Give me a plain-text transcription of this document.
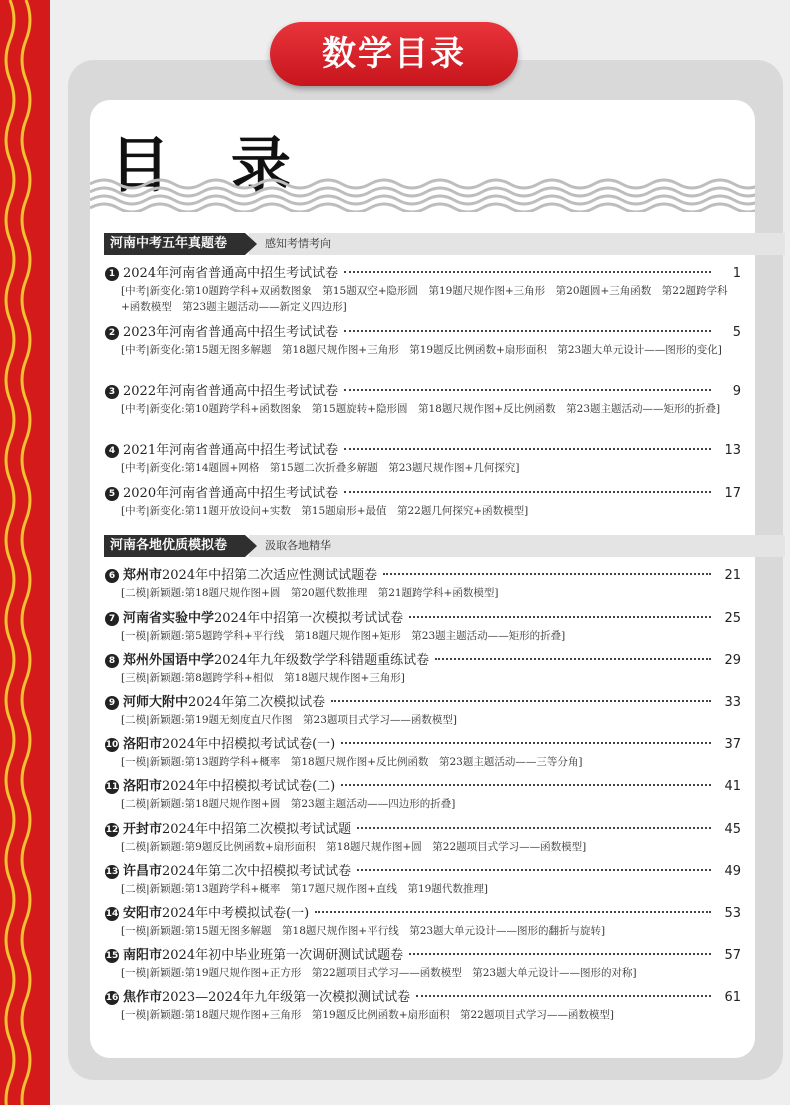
数学目录
目 录
河南中考五年真题卷	感知考情考向
河南各地优质模拟卷	汲取各地精华
1 2024年河南省普通高中招生考试试卷	1
[中考|新变化:第10题跨学科+双函数图象　第15题双空+隐形圆　第19题尺规作图+三角形　第20题圆+三角函数　第22题跨学科+函数模型　第23题主题活动——新定义四边形]
2 2023年河南省普通高中招生考试试卷	5
[中考|新变化:第15题无图多解题　第18题尺规作图+三角形　第19题反比例函数+扇形面积　第23题大单元设计——图形的变化]
3 2022年河南省普通高中招生考试试卷	9
[中考|新变化:第10题跨学科+函数图象　第15题旋转+隐形圆　第18题尺规作图+反比例函数　第23题主题活动——矩形的折叠]
4 2021年河南省普通高中招生考试试卷	13
[中考|新变化:第14题圆+网格　第15题二次折叠多解题　第23题尺规作图+几何探究]
5 2020年河南省普通高中招生考试试卷	17
[中考|新变化:第11题开放设问+实数　第15题扇形+最值　第22题几何探究+函数模型]
6 郑州市2024年中招第二次适应性测试试题卷	21
[二模|新颖题:第18题尺规作图+圆　第20题代数推理　第21题跨学科+函数模型]
7 河南省实验中学2024年中招第一次模拟考试试卷	25
[一模|新颖题:第5题跨学科+平行线　第18题尺规作图+矩形　第23题主题活动——矩形的折叠]
8 郑州外国语中学2024年九年级数学学科错题重练试卷	29
[三模|新颖题:第8题跨学科+相似　第18题尺规作图+三角形]
9 河师大附中2024年第二次模拟试卷	33
[二模|新颖题:第19题无刻度直尺作图　第23题项目式学习——函数模型]
10 洛阳市2024年中招模拟考试试卷(一)	37
[一模|新颖题:第13题跨学科+概率　第18题尺规作图+反比例函数　第23题主题活动——三等分角]
11 洛阳市2024年中招模拟考试试卷(二)	41
[二模|新颖题:第18题尺规作图+圆　第23题主题活动——四边形的折叠]
12 开封市2024年中招第二次模拟考试试题	45
[二模|新颖题:第9题反比例函数+扇形面积　第18题尺规作图+圆　第22题项目式学习——函数模型]
13 许昌市2024年第二次中招模拟考试试卷	49
[二模|新颖题:第13题跨学科+概率　第17题尺规作图+直线　第19题代数推理]
14 安阳市2024年中考模拟试卷(一)	53
[一模|新颖题:第15题无图多解题　第18题尺规作图+平行线　第23题大单元设计——图形的翻折与旋转]
15 南阳市2024年初中毕业班第一次调研测试试题卷	57
[一模|新颖题:第19题尺规作图+正方形　第22题项目式学习——函数模型　第23题大单元设计——图形的对称]
16 焦作市2023—2024年九年级第一次模拟测试试卷	61
[一模|新颖题:第18题尺规作图+三角形　第19题反比例函数+扇形面积　第22题项目式学习——函数模型]
